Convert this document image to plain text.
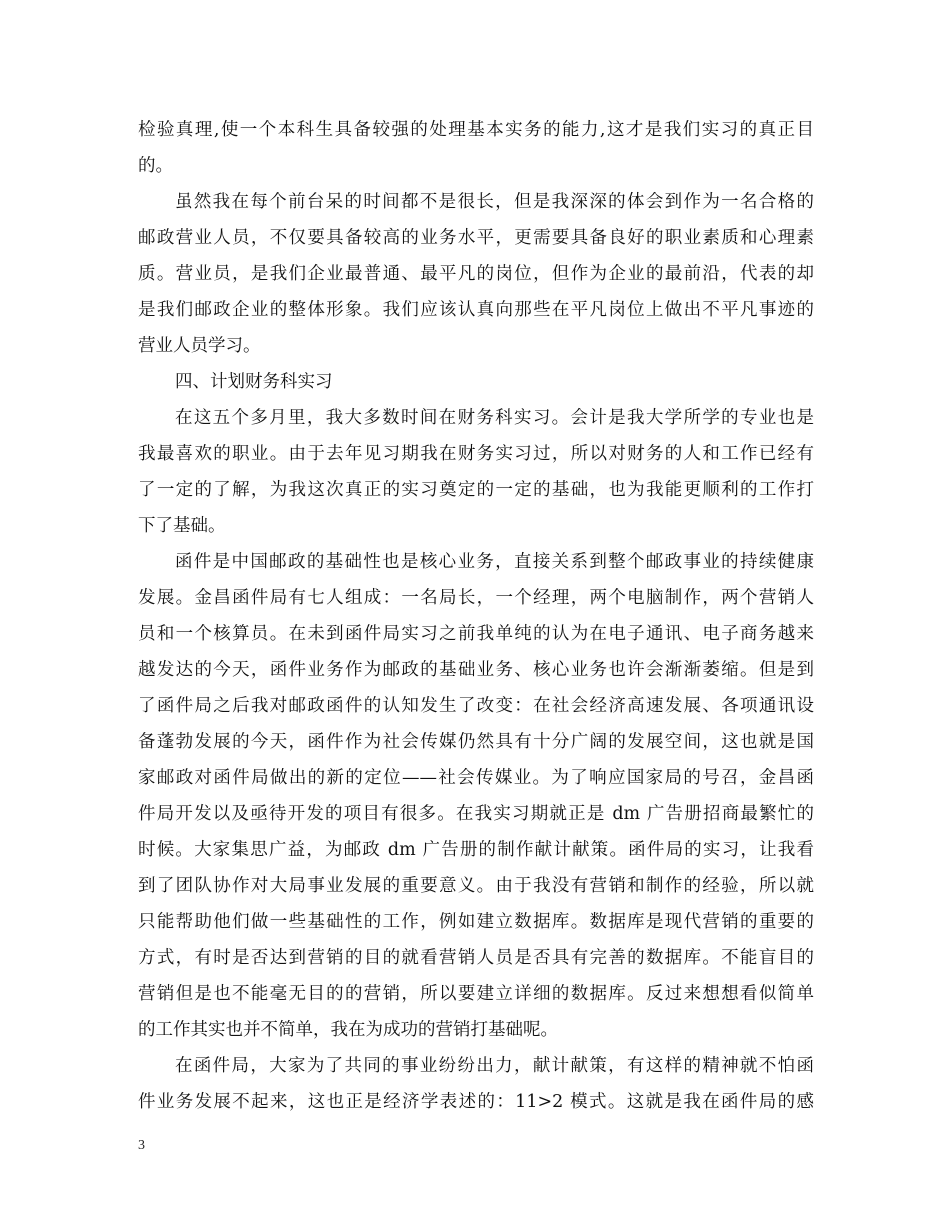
检验真理,使一个本科生具备较强的处理基本实务的能力,这才是我们实习的真正目
的。
虽然我在每个前台呆的时间都不是很长，但是我深深的体会到作为一名合格的
邮政营业人员，不仅要具备较高的业务水平，更需要具备良好的职业素质和心理素
质。营业员，是我们企业最普通、最平凡的岗位，但作为企业的最前沿，代表的却
是我们邮政企业的整体形象。我们应该认真向那些在平凡岗位上做出不平凡事迹的
营业人员学习。
四、计划财务科实习
在这五个多月里，我大多数时间在财务科实习。会计是我大学所学的专业也是
我最喜欢的职业。由于去年见习期我在财务实习过，所以对财务的人和工作已经有
了一定的了解，为我这次真正的实习奠定的一定的基础，也为我能更顺利的工作打
下了基础。
函件是中国邮政的基础性也是核心业务，直接关系到整个邮政事业的持续健康
发展。金昌函件局有七人组成：一名局长，一个经理，两个电脑制作，两个营销人
员和一个核算员。在未到函件局实习之前我单纯的认为在电子通讯、电子商务越来
越发达的今天，函件业务作为邮政的基础业务、核心业务也许会渐渐萎缩。但是到
了函件局之后我对邮政函件的认知发生了改变：在社会经济高速发展、各项通讯设
备蓬勃发展的今天，函件作为社会传媒仍然具有十分广阔的发展空间，这也就是国
家邮政对函件局做出的新的定位——社会传媒业。为了响应国家局的号召，金昌函
件局开发以及亟待开发的项目有很多。在我实习期就正是 dm 广告册招商最繁忙的
时候。大家集思广益，为邮政 dm 广告册的制作献计献策。函件局的实习，让我看
到了团队协作对大局事业发展的重要意义。由于我没有营销和制作的经验，所以就
只能帮助他们做一些基础性的工作，例如建立数据库。数据库是现代营销的重要的
方式，有时是否达到营销的目的就看营销人员是否具有完善的数据库。不能盲目的
营销但是也不能毫无目的的营销，所以要建立详细的数据库。反过来想想看似简单
的工作其实也并不简单，我在为成功的营销打基础呢。
在函件局，大家为了共同的事业纷纷出力，献计献策，有这样的精神就不怕函
件业务发展不起来，这也正是经济学表述的：11>2 模式。这就是我在函件局的感
3
